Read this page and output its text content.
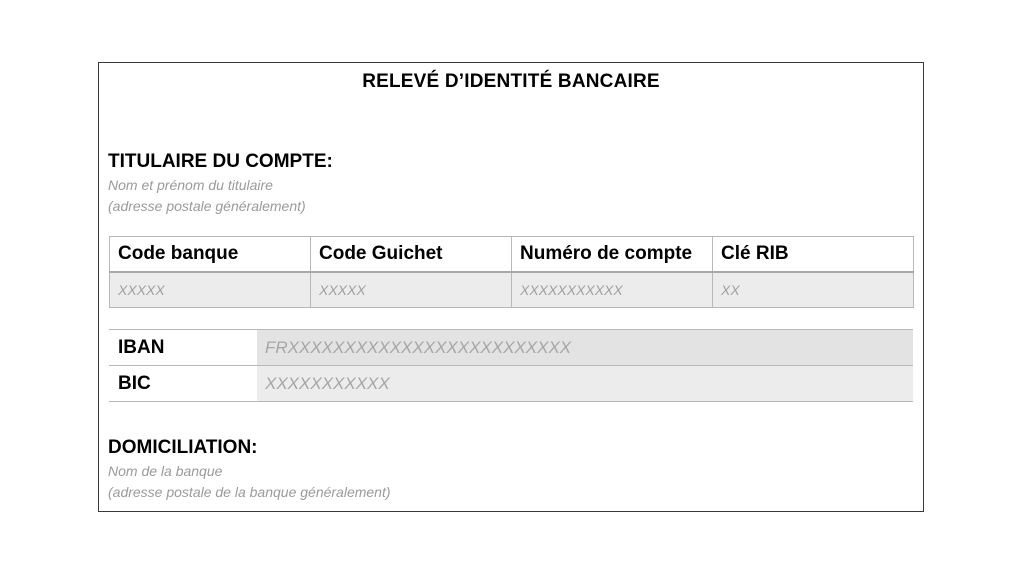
RELEVÉ D’IDENTITÉ BANCAIRE
TITULAIRE DU COMPTE:
Nom et prénom du titulaire
(adresse postale généralement)
Code banque	Code Guichet	Numéro de compte	Clé RIB
XXXXX	XXXXX	XXXXXXXXXXX	XX
IBAN	FRXXXXXXXXXXXXXXXXXXXXXXXXX
BIC	XXXXXXXXXXX
DOMICILIATION:
Nom de la banque
(adresse postale de la banque généralement)
